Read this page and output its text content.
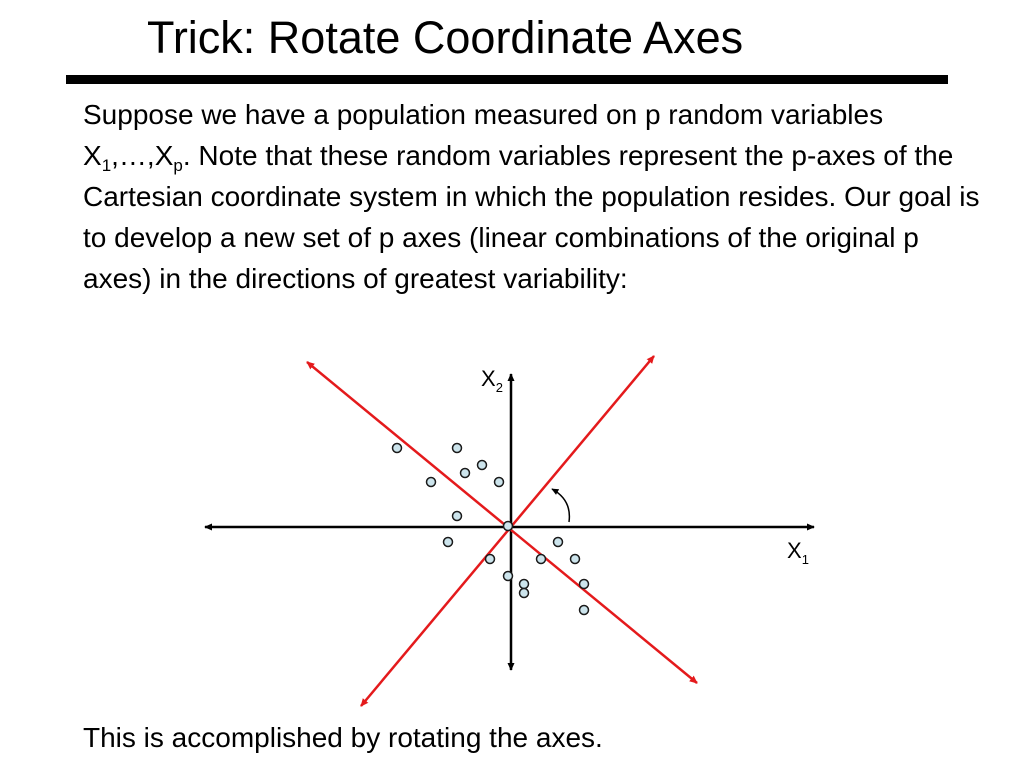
Trick: Rotate Coordinate Axes
Suppose we have a population measured on p random variables $X_1,\dots,X_p$. Note that these random variables represent the p-axes of the Cartesian coordinate system in which the population resides. Our goal is to develop a new set of p axes (linear combinations of the original p axes) in the directions of greatest variability:
$X_2$
$X_1$
This is accomplished by rotating the axes.
